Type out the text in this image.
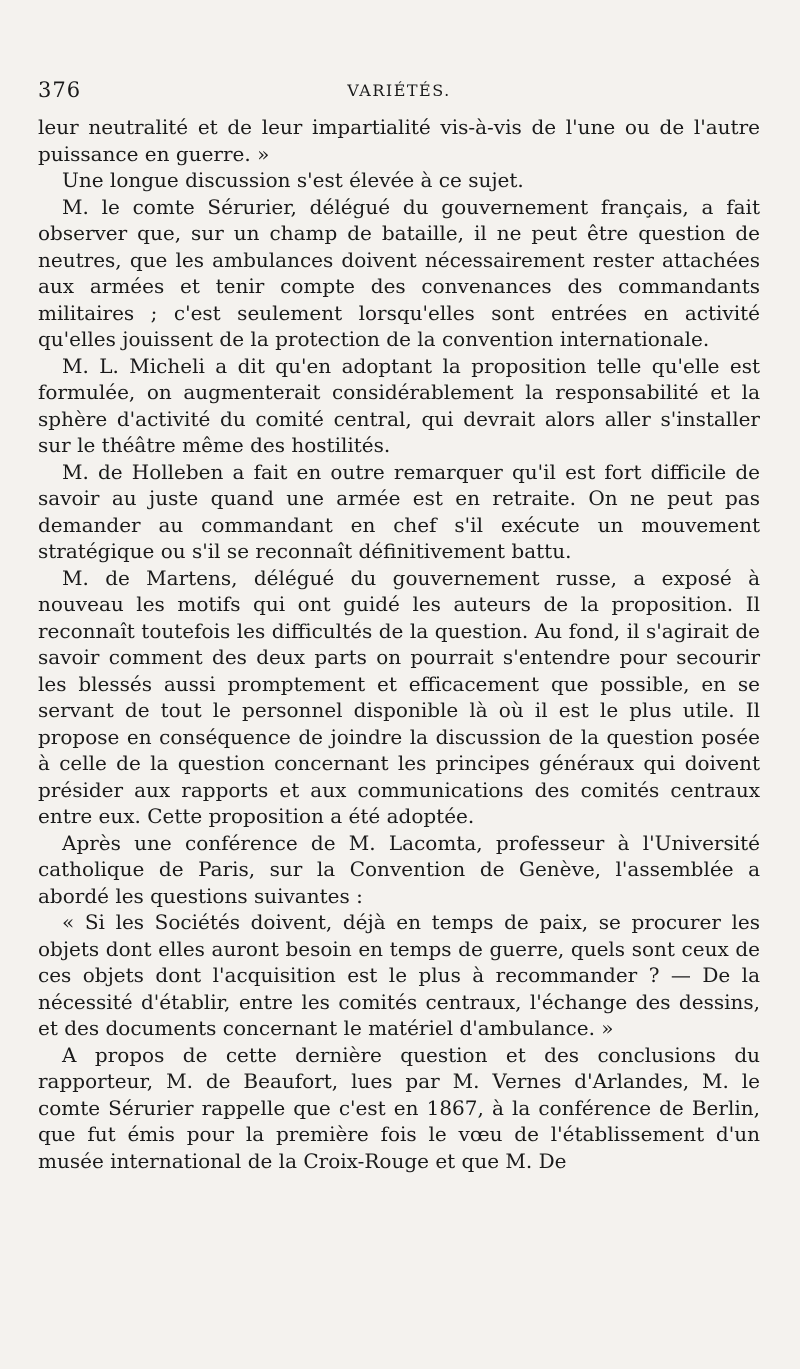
376	VARIÉTÉS.

leur neutralité et de leur impartialité vis-à-vis de l'une ou de l'autre puissance en guerre. »

Une longue discussion s'est élevée à ce sujet.

M. le comte Sérurier, délégué du gouvernement français, a fait observer que, sur un champ de bataille, il ne peut être question de neutres, que les ambulances doivent nécessairement rester attachées aux armées et tenir compte des convenances des commandants militaires ; c'est seulement lorsqu'elles sont entrées en activité qu'elles jouissent de la protection de la convention internationale.

M. L. Micheli a dit qu'en adoptant la proposition telle qu'elle est formulée, on augmenterait considérablement la responsabilité et la sphère d'activité du comité central, qui devrait alors aller s'installer sur le théâtre même des hostilités.

M. de Holleben a fait en outre remarquer qu'il est fort difficile de savoir au juste quand une armée est en retraite. On ne peut pas demander au commandant en chef s'il exécute un mouvement stratégique ou s'il se reconnaît définitivement battu.

M. de Martens, délégué du gouvernement russe, a exposé à nouveau les motifs qui ont guidé les auteurs de la proposition. Il reconnaît toutefois les difficultés de la question. Au fond, il s'agirait de savoir comment des deux parts on pourrait s'entendre pour secourir les blessés aussi promptement et efficacement que possible, en se servant de tout le personnel disponible là où il est le plus utile. Il propose en conséquence de joindre la discussion de la question posée à celle de la question concernant les principes généraux qui doivent présider aux rapports et aux communications des comités centraux entre eux. Cette proposition a été adoptée.

Après une conférence de M. Lacomta, professeur à l'Université catholique de Paris, sur la Convention de Genève, l'assemblée a abordé les questions suivantes :

« Si les Sociétés doivent, déjà en temps de paix, se procurer les objets dont elles auront besoin en temps de guerre, quels sont ceux de ces objets dont l'acquisition est le plus à recommander ? — De la nécessité d'établir, entre les comités centraux, l'échange des dessins, et des documents concernant le matériel d'ambulance. »

A propos de cette dernière question et des conclusions du rapporteur, M. de Beaufort, lues par M. Vernes d'Arlandes, M. le comte Sérurier rappelle que c'est en 1867, à la conférence de Berlin, que fut émis pour la première fois le vœu de l'établissement d'un musée international de la Croix-Rouge et que M. De
